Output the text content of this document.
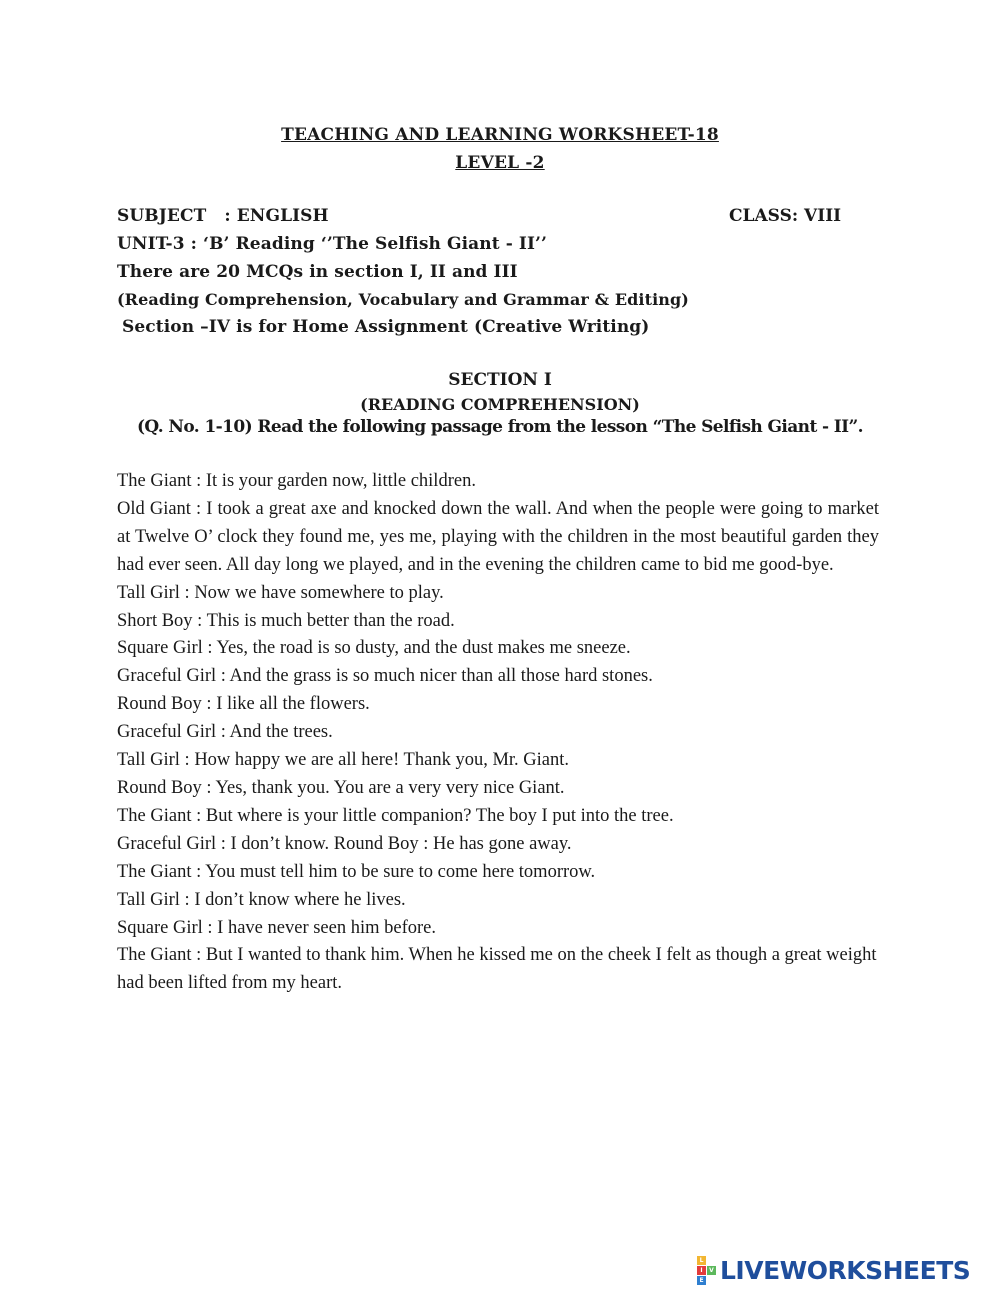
TEACHING AND LEARNING WORKSHEET-18
LEVEL -2
SUBJECT : ENGLISH	CLASS: VIII
UNIT-3 : ‘B’ Reading ‘’The Selfish Giant - II’’
There are 20 MCQs in section I, II and III
(Reading Comprehension, Vocabulary and Grammar & Editing)
Section –IV is for Home Assignment (Creative Writing)
SECTION I
(READING COMPREHENSION)
(Q. No. 1-10) Read the following passage from the lesson “The Selfish Giant - II”.

The Giant : It is your garden now, little children.

Old Giant : I took a great axe and knocked down the wall. And when the people were going to market at Twelve O’ clock they found me, yes me, playing with the children in the most beautiful garden they had ever seen. All day long we played, and in the evening the children came to bid me good-bye.

Tall Girl : Now we have somewhere to play.

Short Boy : This is much better than the road.

Square Girl : Yes, the road is so dusty, and the dust makes me sneeze.

Graceful Girl : And the grass is so much nicer than all those hard stones.

Round Boy : I like all the flowers.

Graceful Girl : And the trees.

Tall Girl : How happy we are all here! Thank you, Mr. Giant.

Round Boy : Yes, thank you. You are a very very nice Giant.

The Giant : But where is your little companion? The boy I put into the tree.

Graceful Girl : I don’t know. Round Boy : He has gone away.

The Giant : You must tell him to be sure to come here tomorrow.

Tall Girl : I don’t know where he lives.

Square Girl : I have never seen him before.

The Giant : But I wanted to thank him. When he kissed me on the cheek I felt as though a great weight had been lifted from my heart.

L
I	V
E LIVEWORKSHEETS
